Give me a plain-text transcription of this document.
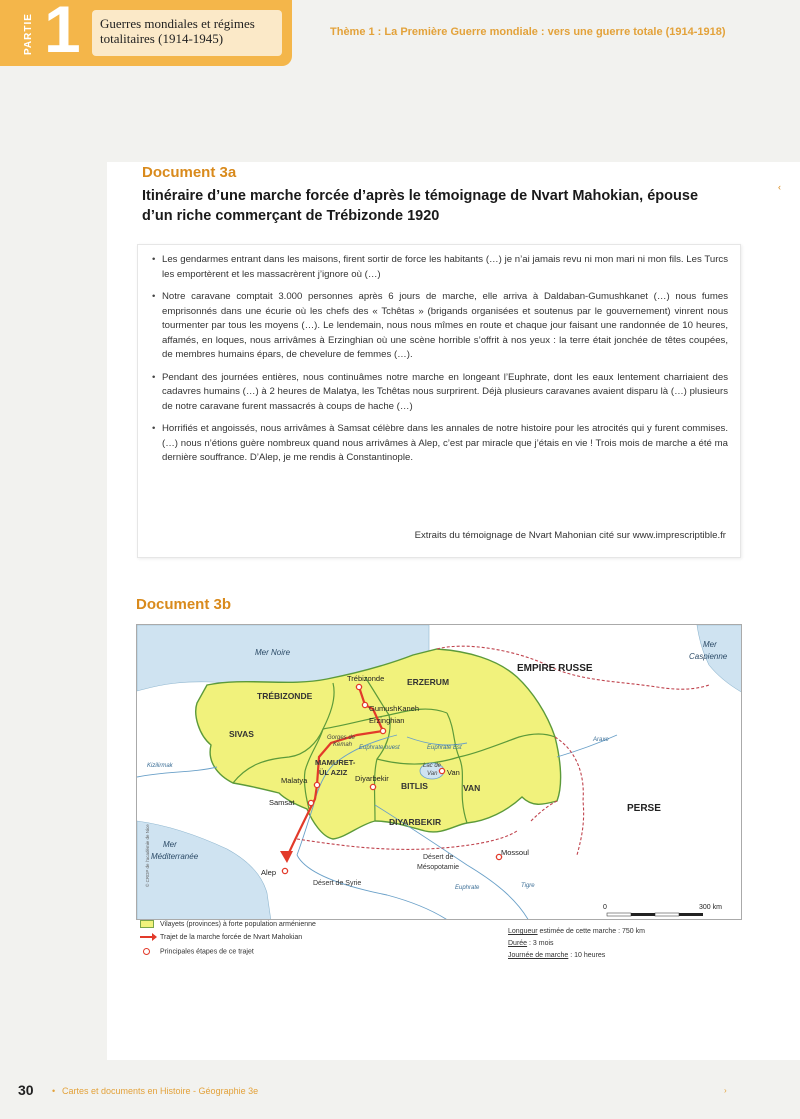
PARTIE 1 Guerres mondiales et régimes
totalitaires (1914-1945)	Thème 1 : La Première Guerre mondiale : vers une guerre totale (1914-1918)
‹
Document 3a
Itinéraire d’une marche forcée d’après le témoignage de Nvart Mahokian, épouse d’un riche commerçant de Trébizonde 1920
• Les gendarmes entrant dans les maisons, firent sortir de force les habitants (…) je n’ai jamais revu ni mon mari ni mon fils. Les Turcs les emportèrent et les massacrèrent j’ignore où (…)
• Notre caravane comptait 3.000 personnes après 6 jours de marche, elle arriva à Daldaban-Gumushkanet (…) nous fumes emprisonnés dans une écurie où les chefs des « Tchêtas » (brigands organisées et soutenus par le gouvernement) vinrent nous tourmenter par tous les moyens (…). Le lendemain, nous nous mîmes en route et chaque jour faisant une randonnée de 10 heures, affamés, en loques, nous arrivâmes à Erzinghian où une scène horrible s’offrit à nos yeux : la terre était jonchée de têtes coupées, de membres humains épars, de chevelure de femmes (…).
• Pendant des journées entières, nous continuâmes notre marche en longeant l’Euphrate, dont les eaux lentement charriaient des cadavres humains (…) à 2 heures de Malatya, les Tchêtas nous surprirent. Déjà plusieurs caravanes avaient disparu là (…) plusieurs de notre caravane furent massacrés à coups de hache (…)
• Horrifiés et angoissés, nous arrivâmes à Samsat célèbre dans les annales de notre histoire pour les atrocités qui y furent commises. (…) nous n’étions guère nombreux quand nous arrivâmes à Alep, c’est par miracle que j’étais en vie ! Trois mois de marche a été ma dernière souffrance. D’Alep, je me rendis à Constantinople.
Extraits du témoignage de Nvart Mahonian cité sur www.imprescriptible.fr
Document 3b
Mer Noire
Mer
Caspienne
Mer
Méditerranée
EMPIRE RUSSE
PERSE
TRÉBIZONDE
ERZERUM
SIVAS
MAMURET-
ÜL AZIZ
BITLIS	VAN
DIYARBEKIR
Trébizonde
GumushKaneh
Erzinghian
Malatya
Samsat
Diyarbekir
Van
Alep
Mossoul
Gorges de
Kemah Euphrate ouest	Euphrate Est
Lac de
Van
Kizilirmak
Araxe
Euphrate	Tigre
Désert de
Mésopotamie
Désert de Syrie
0	300 km
© CRDP de l’académie de Nice
Vilayets (provinces) à forte population arménienne
Trajet de la marche forcée de Nvart Mahokian
Principales étapes de ce trajet
Longueur estimée de cette marche : 750 km
Durée : 3 mois
Journée de marche : 10 heures
30 • Cartes et documents en Histoire - Géographie 3e	›
